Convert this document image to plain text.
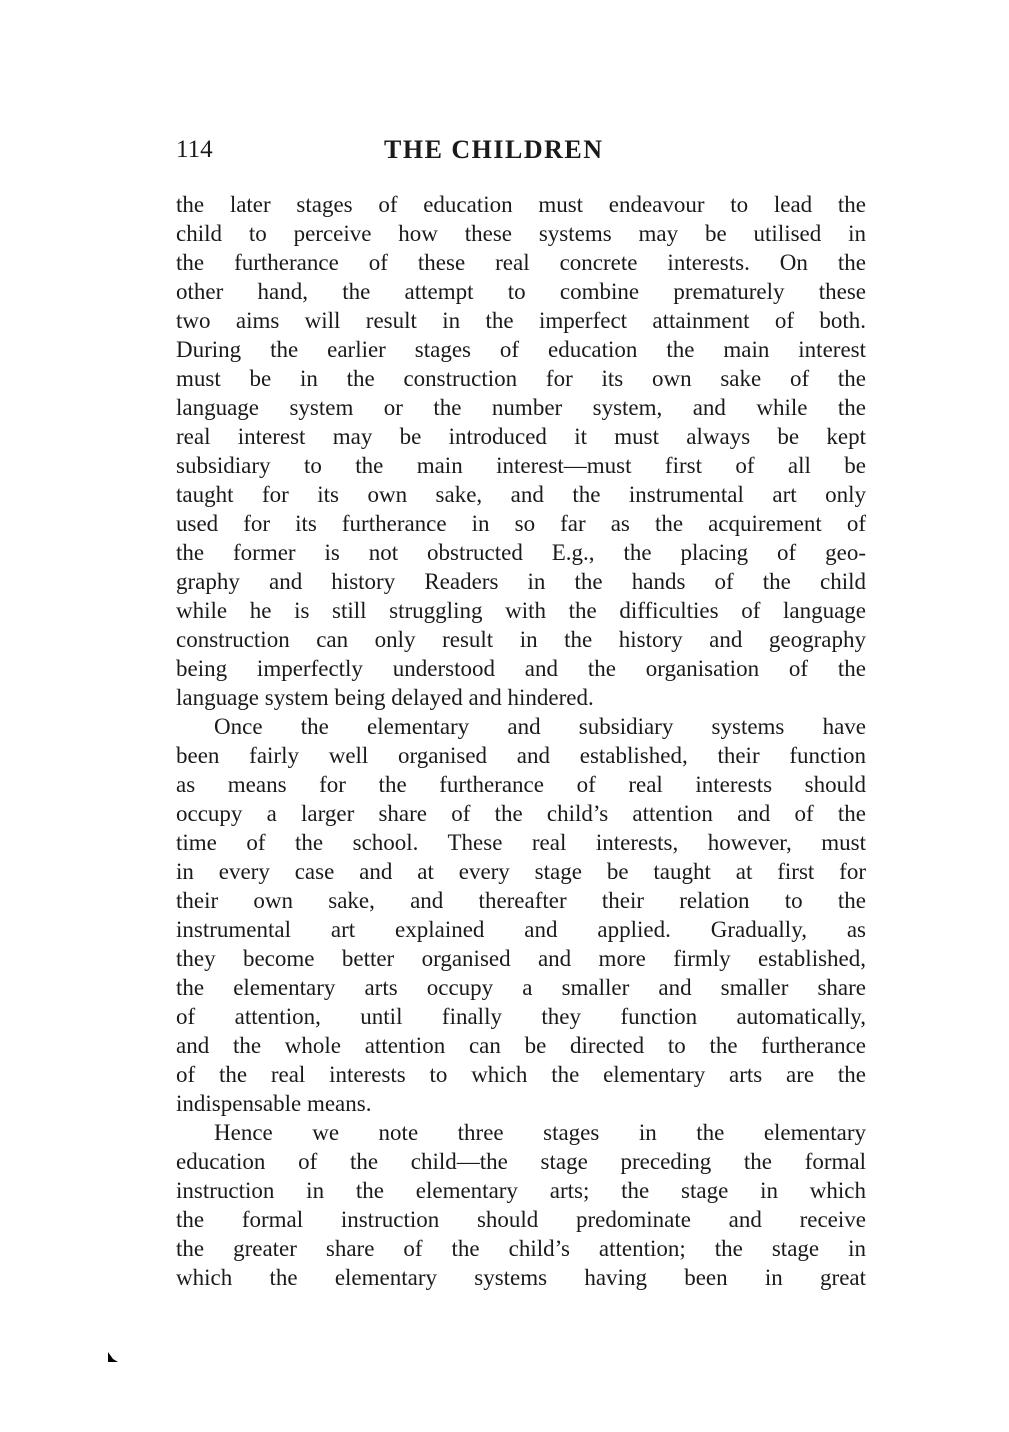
114	THE CHILDREN
the later stages of education must endeavour to lead the
child to perceive how these systems may be utilised in
the furtherance of these real concrete interests. On the
other hand, the attempt to combine prematurely these
two aims will result in the imperfect attainment of both.
During the earlier stages of education the main interest
must be in the construction for its own sake of the
language system or the number system, and while the
real interest may be introduced it must always be kept
subsidiary to the main interest—must first of all be
taught for its own sake, and the instrumental art only
used for its furtherance in so far as the acquirement of
the former is not obstructed E.g., the placing of geo-
graphy and history Readers in the hands of the child
while he is still struggling with the difficulties of language
construction can only result in the history and geography
being imperfectly understood and the organisation of the
language system being delayed and hindered.
Once the elementary and subsidiary systems have
been fairly well organised and established, their function
as means for the furtherance of real interests should
occupy a larger share of the child’s attention and of the
time of the school. These real interests, however, must
in every case and at every stage be taught at first for
their own sake, and thereafter their relation to the
instrumental art explained and applied. Gradually, as
they become better organised and more firmly established,
the elementary arts occupy a smaller and smaller share
of attention, until finally they function automatically,
and the whole attention can be directed to the furtherance
of the real interests to which the elementary arts are the
indispensable means.
Hence we note three stages in the elementary
education of the child—the stage preceding the formal
instruction in the elementary arts; the stage in which
the formal instruction should predominate and receive
the greater share of the child’s attention; the stage in
which the elementary systems having been in great
